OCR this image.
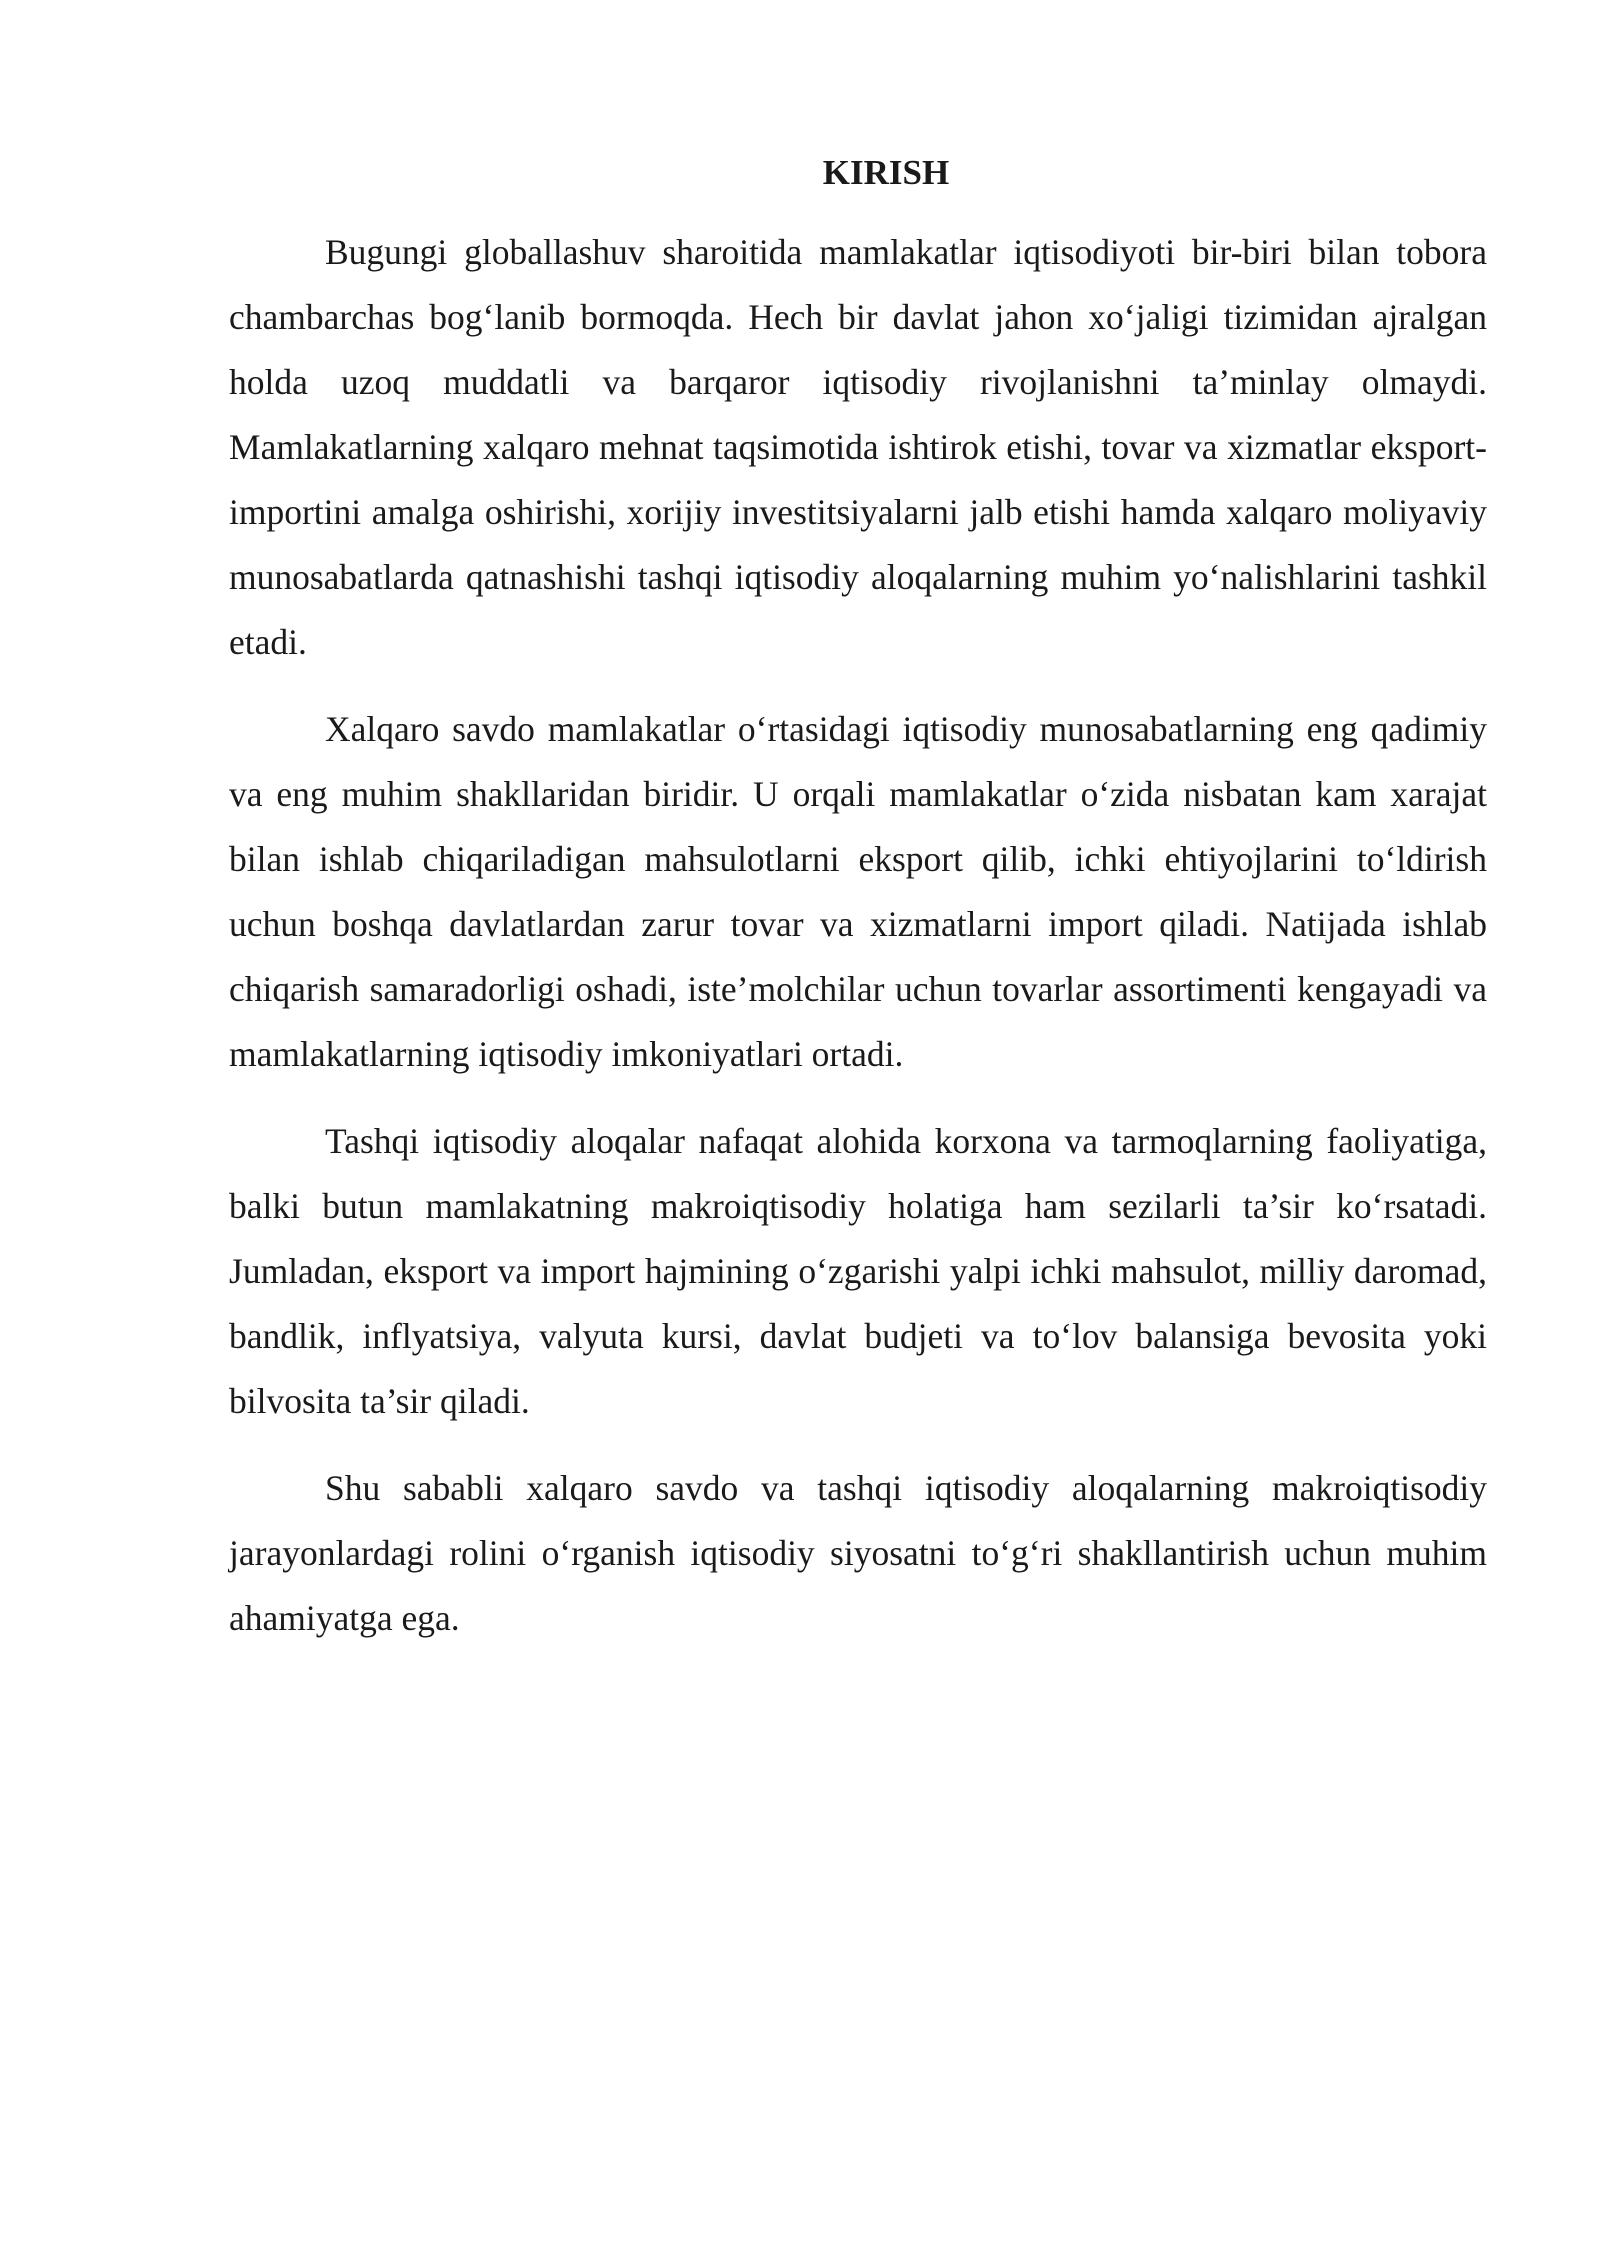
KIRISH

Bugungi globallashuv sharoitida mamlakatlar iqtisodiyoti bir-biri bilan tobora chambarchas bog‘lanib bormoqda. Hech bir davlat jahon xo‘jaligi tizimidan ajralgan holda uzoq muddatli va barqaror iqtisodiy rivojlanishni ta’minlay olmaydi. Mamlakatlarning xalqaro mehnat taqsimotida ishtirok etishi, tovar va xizmatlar eksport-importini amalga oshirishi, xorijiy investitsiyalarni jalb etishi hamda xalqaro moliyaviy munosabatlarda qatnashishi tashqi iqtisodiy aloqalarning muhim yo‘nalishlarini tashkil etadi.

Xalqaro savdo mamlakatlar o‘rtasidagi iqtisodiy munosabatlarning eng qadimiy va eng muhim shakllaridan biridir. U orqali mamlakatlar o‘zida nisbatan kam xarajat bilan ishlab chiqariladigan mahsulotlarni eksport qilib, ichki ehtiyojlarini to‘ldirish uchun boshqa davlatlardan zarur tovar va xizmatlarni import qiladi. Natijada ishlab chiqarish samaradorligi oshadi, iste’molchilar uchun tovarlar assortimenti kengayadi va mamlakatlarning iqtisodiy imkoniyatlari ortadi.

Tashqi iqtisodiy aloqalar nafaqat alohida korxona va tarmoqlarning faoliyatiga, balki butun mamlakatning makroiqtisodiy holatiga ham sezilarli ta’sir ko‘rsatadi. Jumladan, eksport va import hajmining o‘zgarishi yalpi ichki mahsulot, milliy daromad, bandlik, inflyatsiya, valyuta kursi, davlat budjeti va to‘lov balansiga bevosita yoki bilvosita ta’sir qiladi.

Shu sababli xalqaro savdo va tashqi iqtisodiy aloqalarning makroiqtisodiy jarayonlardagi rolini o‘rganish iqtisodiy siyosatni to‘g‘ri shakllantirish uchun muhim ahamiyatga ega.
